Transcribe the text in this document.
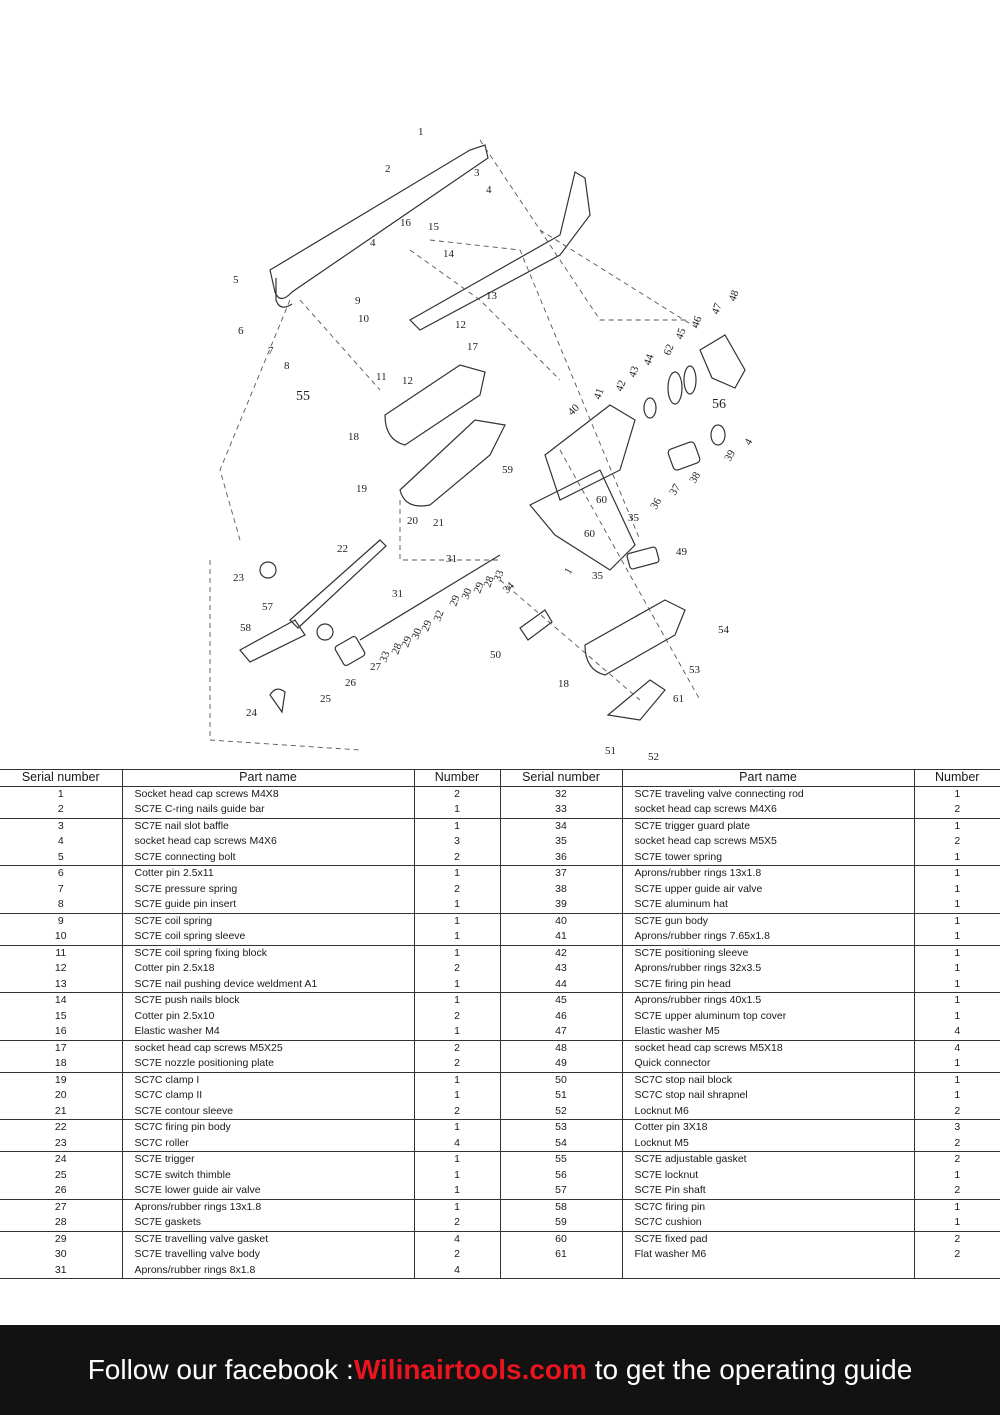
1
2	3
4
4
5
6
7
8
9
10
11
12
12
13
14
15
16
17
18
18
19
20 21
22
23
24
25
26
27
33
28
29
30
29
32
31
31
29
30
29
28
33
34
35
35
36
37
38
39
40
41
42
43
44
45
46
47
48
4
49
50
51	52
53
54
55
56
57
58
59
60
60
61
62
1
Serial number	Part name	Number	Serial number	Part name	Number
1	Socket head cap screws M4X8	2	32	SC7E traveling valve connecting rod	1
2	SC7E C-ring nails guide bar	1	33	socket head cap screws M4X6	2
3	SC7E nail slot baffle	1	34	SC7E trigger guard plate	1
4	socket head cap screws M4X6	3	35	socket head cap screws M5X5	2
5	SC7E connecting bolt	2	36	SC7E tower spring	1
6	Cotter pin 2.5x11	1	37	Aprons/rubber rings 13x1.8	1
7	SC7E pressure spring	2	38	SC7E upper guide air valve	1
8	SC7E guide pin insert	1	39	SC7E aluminum hat	1
9	SC7E coil spring	1	40	SC7E gun body	1
10	SC7E coil spring sleeve	1	41	Aprons/rubber rings 7.65x1.8	1
11	SC7E coil spring fixing block	1	42	SC7E positioning sleeve	1
12	Cotter pin 2.5x18	2	43	Aprons/rubber rings 32x3.5	1
13	SC7E nail pushing device weldment A1	1	44	SC7E firing pin head	1
14	SC7E push nails block	1	45	Aprons/rubber rings 40x1.5	1
15	Cotter pin 2.5x10	2	46	SC7E upper aluminum top cover	1
16	Elastic washer M4	1	47	Elastic washer M5	4
17	socket head cap screws M5X25	2	48	socket head cap screws M5X18	4
18	SC7E nozzle positioning plate	2	49	Quick connector	1
19	SC7C clamp I	1	50	SC7C stop nail block	1
20	SC7C clamp II	1	51	SC7C stop nail shrapnel	1
21	SC7E contour sleeve	2	52	Locknut M6	2
22	SC7C firing pin body	1	53	Cotter pin 3X18	3
23	SC7C roller	4	54	Locknut M5	2
24	SC7E trigger	1	55	SC7E adjustable gasket	2
25	SC7E switch thimble	1	56	SC7E locknut	1
26	SC7E lower guide air valve	1	57	SC7E Pin shaft	2
27	Aprons/rubber rings 13x1.8	1	58	SC7C firing pin	1
28	SC7E gaskets	2	59	SC7C cushion	1
29	SC7E travelling valve gasket	4	60	SC7E fixed pad	2
30	SC7E travelling valve body	2	61	Flat washer M6	2
31	Aprons/rubber rings 8x1.8	4			
Follow our facebook : Wilinairtools.com to get the operating guide
